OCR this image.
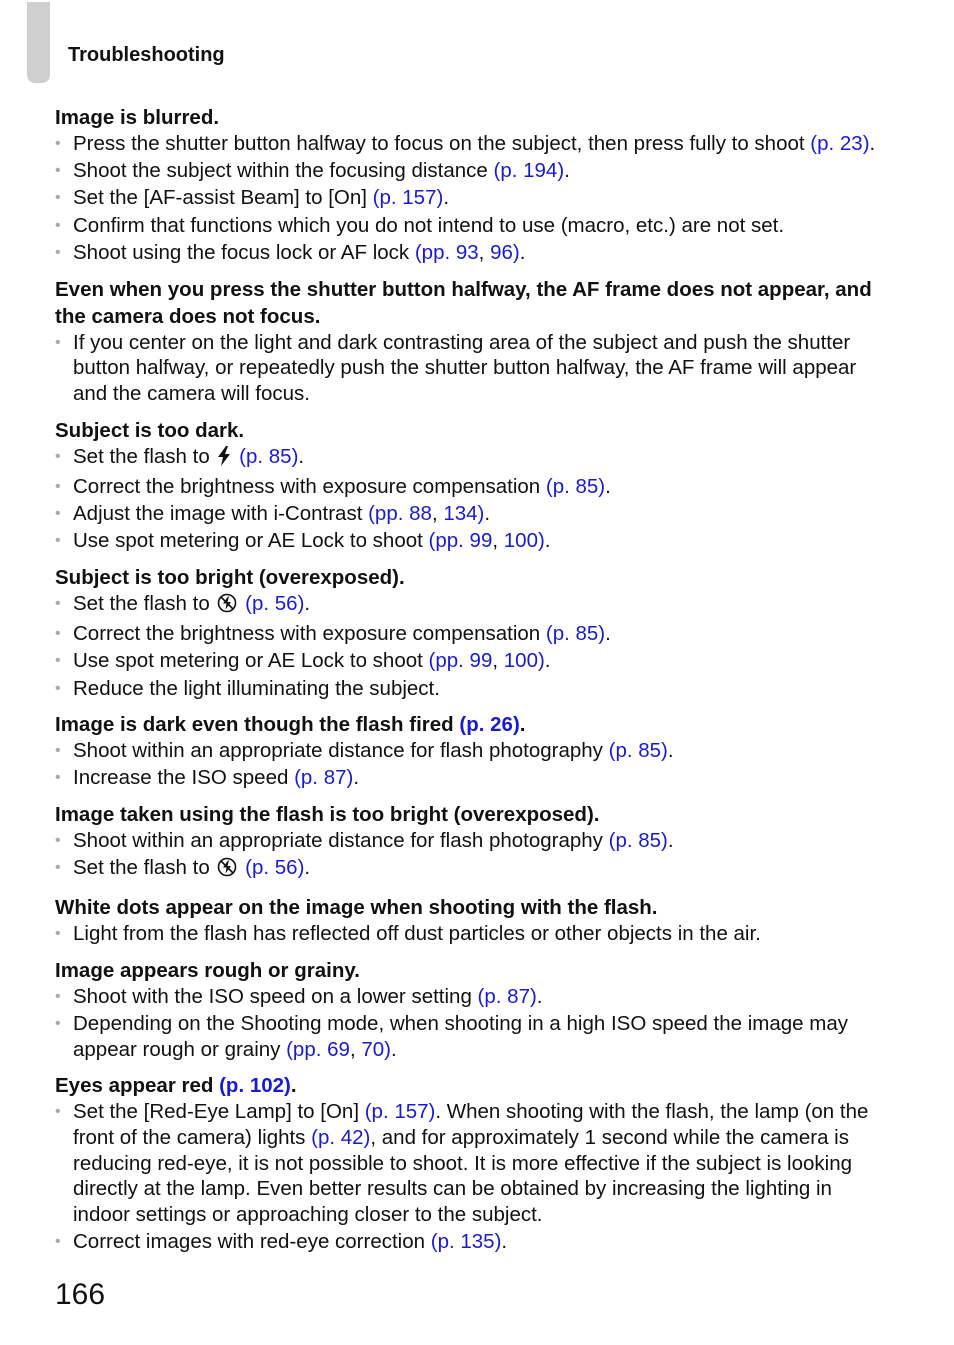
Troubleshooting
Image is blurred.
• Press the shutter button halfway to focus on the subject, then press fully to shoot (p. 23).
• Shoot the subject within the focusing distance (p. 194).
• Set the [AF-assist Beam] to [On] (p. 157).
• Confirm that functions which you do not intend to use (macro, etc.) are not set.
• Shoot using the focus lock or AF lock (pp. 93, 96).
Even when you press the shutter button halfway, the AF frame does not appear, and the camera does not focus.
• If you center on the light and dark contrasting area of the subject and push the shutter button halfway, or repeatedly push the shutter button halfway, the AF frame will appear and the camera will focus.
Subject is too dark.
• Set the flash to  (p. 85).
• Correct the brightness with exposure compensation (p. 85).
• Adjust the image with i-Contrast (pp. 88, 134).
• Use spot metering or AE Lock to shoot (pp. 99, 100).
Subject is too bright (overexposed).
• Set the flash to  (p. 56).
• Correct the brightness with exposure compensation (p. 85).
• Use spot metering or AE Lock to shoot (pp. 99, 100).
• Reduce the light illuminating the subject.
Image is dark even though the flash fired (p. 26).
• Shoot within an appropriate distance for flash photography (p. 85).
• Increase the ISO speed (p. 87).
Image taken using the flash is too bright (overexposed).
• Shoot within an appropriate distance for flash photography (p. 85).
• Set the flash to  (p. 56).
White dots appear on the image when shooting with the flash.
• Light from the flash has reflected off dust particles or other objects in the air.
Image appears rough or grainy.
• Shoot with the ISO speed on a lower setting (p. 87).
• Depending on the Shooting mode, when shooting in a high ISO speed the image may appear rough or grainy (pp. 69, 70).
Eyes appear red (p. 102).
• Set the [Red-Eye Lamp] to [On] (p. 157). When shooting with the flash, the lamp (on the front of the camera) lights (p. 42), and for approximately 1 second while the camera is reducing red-eye, it is not possible to shoot. It is more effective if the subject is looking directly at the lamp. Even better results can be obtained by increasing the lighting in indoor settings or approaching closer to the subject.
• Correct images with red-eye correction (p. 135).
166
